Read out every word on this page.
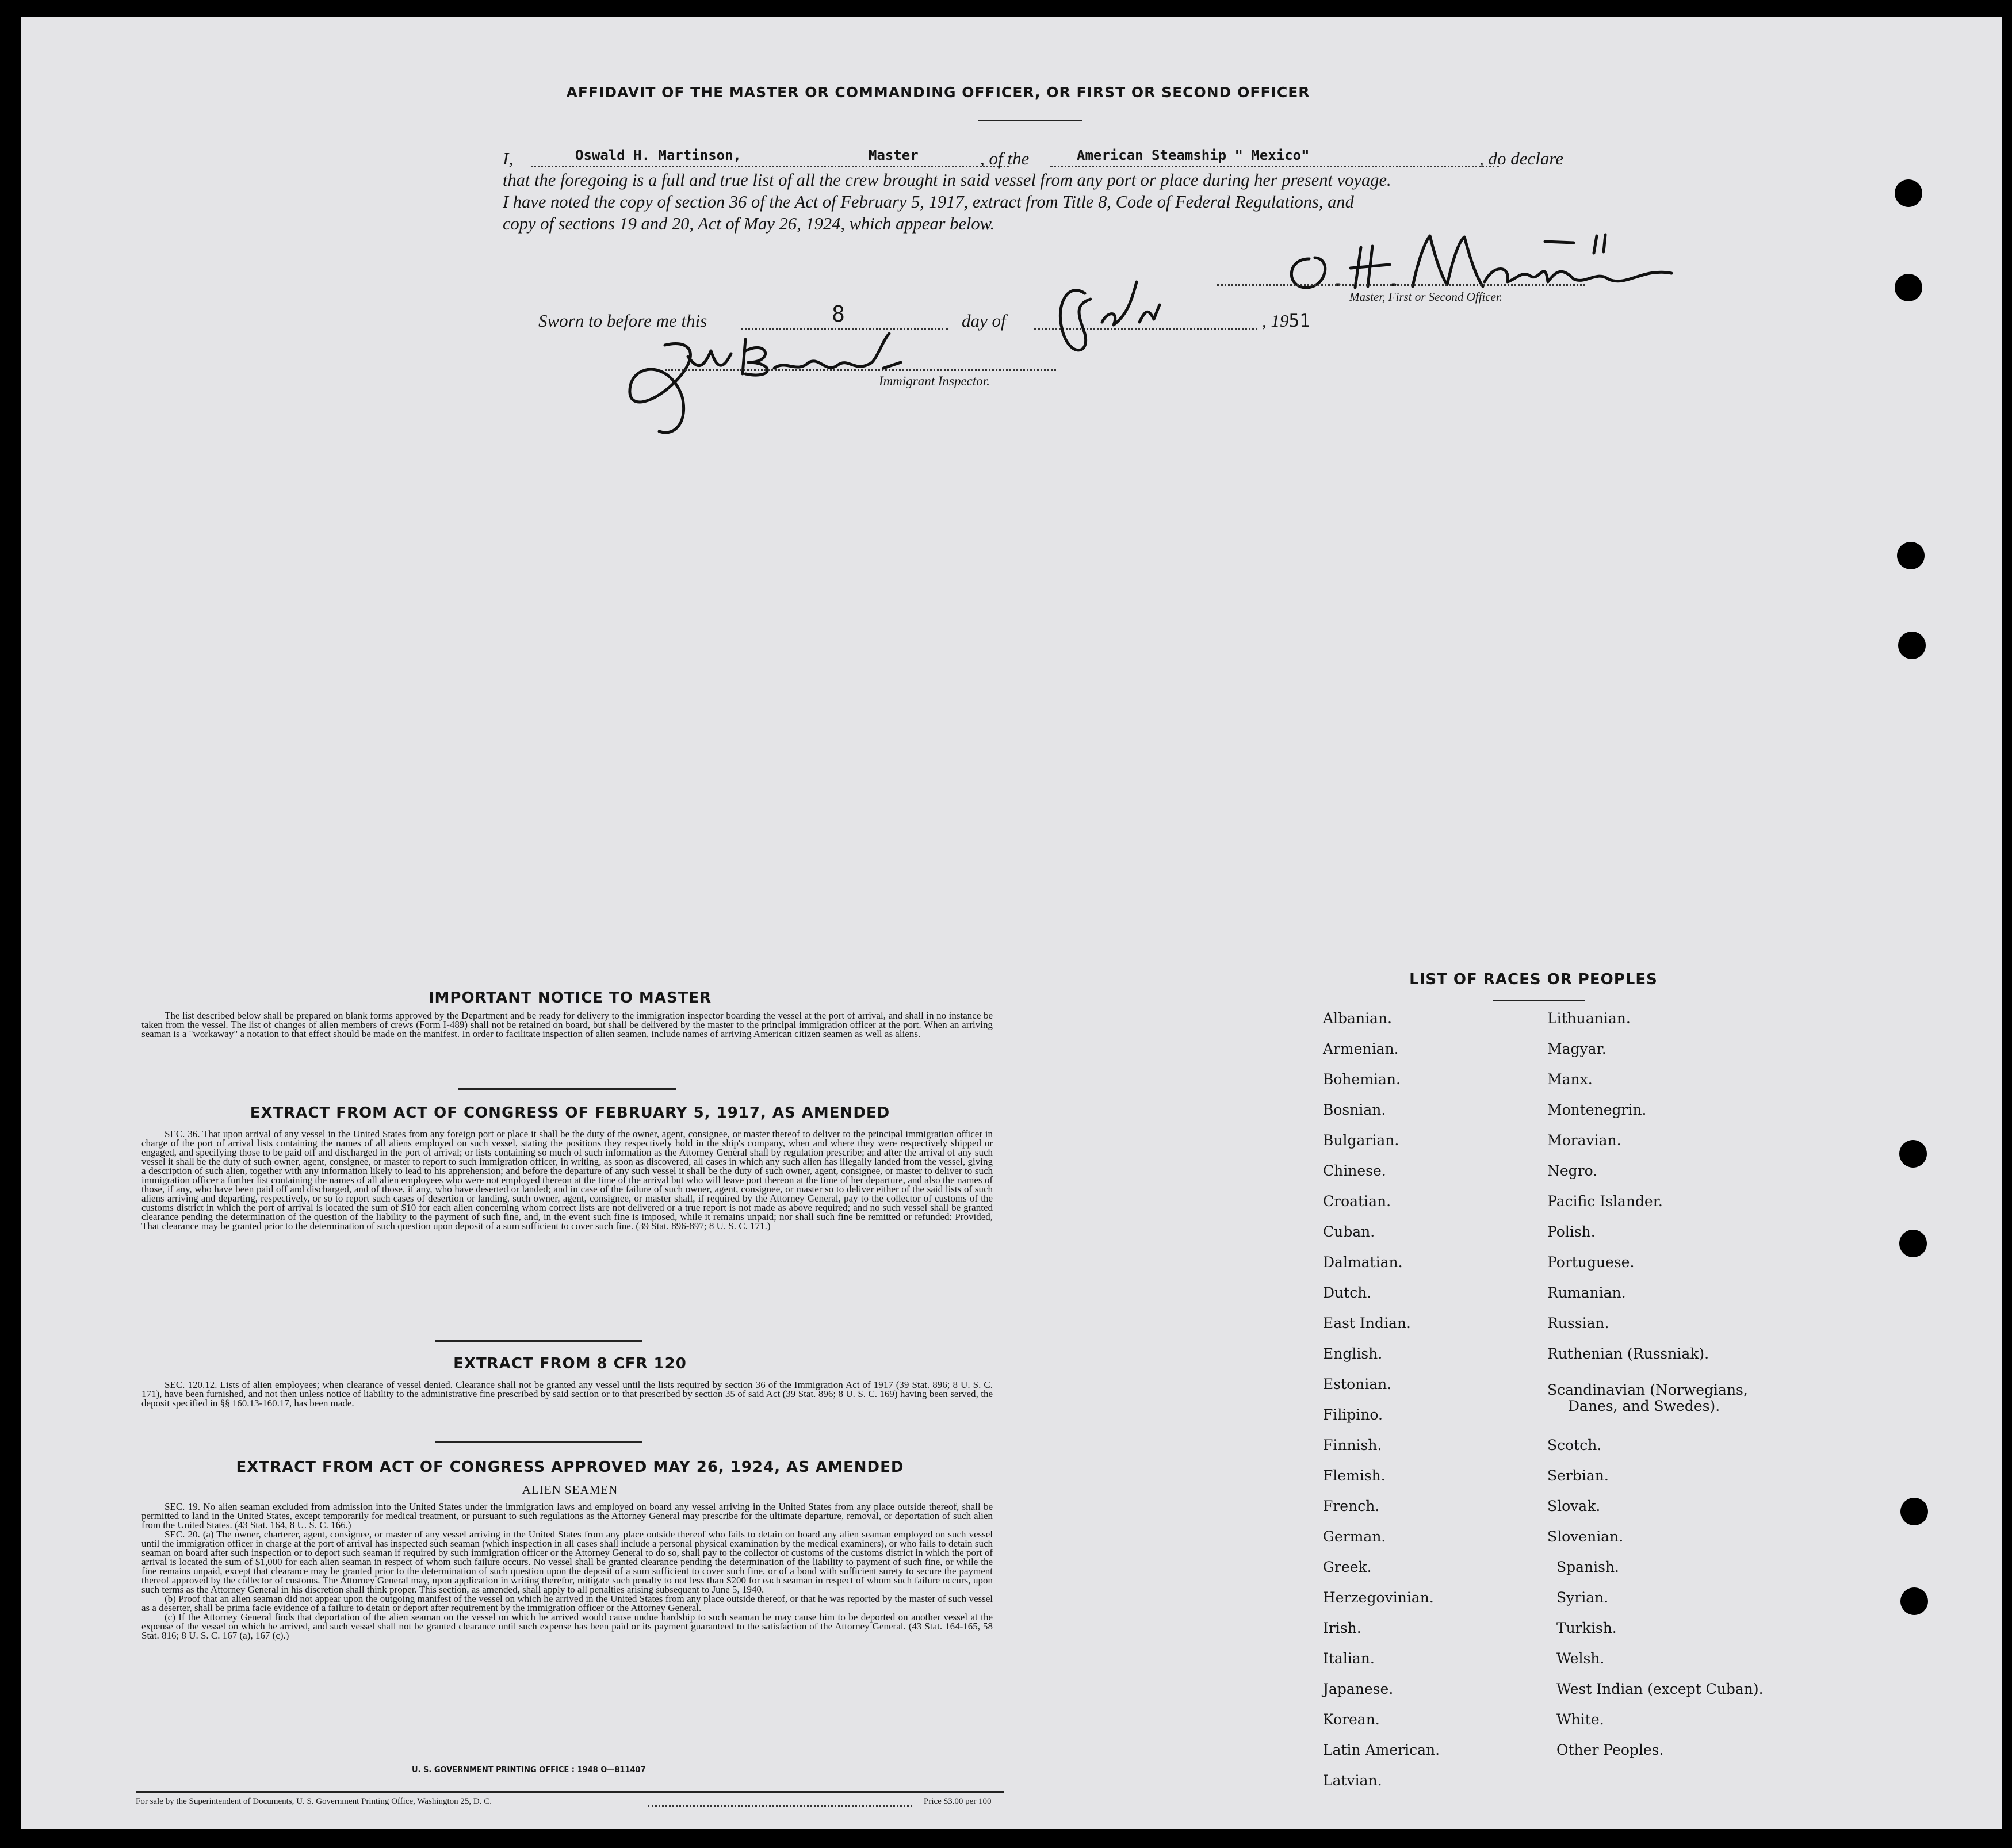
AFFIDAVIT OF THE MASTER OR COMMANDING OFFICER, OR FIRST OR SECOND OFFICER
I,	Oswald H. Martinson,	Master	, of the	American Steamship " Mexico"	, do declare
that the foregoing is a full and true list of all the crew brought in said vessel from any port or place during her present voyage.
I have noted the copy of section 36 of the Act of February 5, 1917, extract from Title 8, Code of Federal Regulations, and
copy of sections 19 and 20, Act of May 26, 1924, which appear below.
Master, First or Second Officer.
Sworn to before me this	8	day of	, 1951
Immigrant Inspector.
IMPORTANT NOTICE TO MASTER

The list described below shall be prepared on blank forms approved by the Department and be ready for delivery to the immigration inspector boarding the vessel at the port of arrival, and shall in no instance be taken from the vessel. The list of changes of alien members of crews (Form I-489) shall not be retained on board, but shall be delivered by the master to the principal immigration officer at the port. When an arriving seaman is a "workaway" a notation to that effect should be made on the manifest. In order to facilitate inspection of alien seamen, include names of arriving American citizen seamen as well as aliens.

EXTRACT FROM ACT OF CONGRESS OF FEBRUARY 5, 1917, AS AMENDED

SEC. 36. That upon arrival of any vessel in the United States from any foreign port or place it shall be the duty of the owner, agent, consignee, or master thereof to deliver to the principal immigration officer in charge of the port of arrival lists containing the names of all aliens employed on such vessel, stating the positions they respectively hold in the ship's company, when and where they were respectively shipped or engaged, and specifying those to be paid off and discharged in the port of arrival; or lists containing so much of such information as the Attorney General shall by regulation prescribe; and after the arrival of any such vessel it shall be the duty of such owner, agent, consignee, or master to report to such immigration officer, in writing, as soon as discovered, all cases in which any such alien has illegally landed from the vessel, giving a description of such alien, together with any information likely to lead to his apprehension; and before the departure of any such vessel it shall be the duty of such owner, agent, consignee, or master to deliver to such immigration officer a further list containing the names of all alien employees who were not employed thereon at the time of the arrival but who will leave port thereon at the time of her departure, and also the names of those, if any, who have been paid off and discharged, and of those, if any, who have deserted or landed; and in case of the failure of such owner, agent, consignee, or master so to deliver either of the said lists of such aliens arriving and departing, respectively, or so to report such cases of desertion or landing, such owner, agent, consignee, or master shall, if required by the Attorney General, pay to the collector of customs of the customs district in which the port of arrival is located the sum of $10 for each alien concerning whom correct lists are not delivered or a true report is not made as above required; and no such vessel shall be granted clearance pending the determination of the question of the liability to the payment of such fine, and, in the event such fine is imposed, while it remains unpaid; nor shall such fine be remitted or refunded: Provided, That clearance may be granted prior to the determination of such question upon deposit of a sum sufficient to cover such fine. (39 Stat. 896-897; 8 U. S. C. 171.)

EXTRACT FROM 8 CFR 120

SEC. 120.12. Lists of alien employees; when clearance of vessel denied. Clearance shall not be granted any vessel until the lists required by section 36 of the Immigration Act of 1917 (39 Stat. 896; 8 U. S. C. 171), have been furnished, and not then unless notice of liability to the administrative fine prescribed by said section or to that prescribed by section 35 of said Act (39 Stat. 896; 8 U. S. C. 169) having been served, the deposit specified in §§ 160.13-160.17, has been made.

EXTRACT FROM ACT OF CONGRESS APPROVED MAY 26, 1924, AS AMENDED
ALIEN SEAMEN

SEC. 19. No alien seaman excluded from admission into the United States under the immigration laws and employed on board any vessel arriving in the United States from any place outside thereof, shall be permitted to land in the United States, except temporarily for medical treatment, or pursuant to such regulations as the Attorney General may prescribe for the ultimate departure, removal, or deportation of such alien from the United States. (43 Stat. 164, 8 U. S. C. 166.)

SEC. 20. (a) The owner, charterer, agent, consignee, or master of any vessel arriving in the United States from any place outside thereof who fails to detain on board any alien seaman employed on such vessel until the immigration officer in charge at the port of arrival has inspected such seaman (which inspection in all cases shall include a personal physical examination by the medical examiners), or who fails to detain such seaman on board after such inspection or to deport such seaman if required by such immigration officer or the Attorney General to do so, shall pay to the collector of customs of the customs district in which the port of arrival is located the sum of $1,000 for each alien seaman in respect of whom such failure occurs. No vessel shall be granted clearance pending the determination of the liability to payment of such fine, or while the fine remains unpaid, except that clearance may be granted prior to the determination of such question upon the deposit of a sum sufficient to cover such fine, or of a bond with sufficient surety to secure the payment thereof approved by the collector of customs. The Attorney General may, upon application in writing therefor, mitigate such penalty to not less than $200 for each seaman in respect of whom such failure occurs, upon such terms as the Attorney General in his discretion shall think proper. This section, as amended, shall apply to all penalties arising subsequent to June 5, 1940.

(b) Proof that an alien seaman did not appear upon the outgoing manifest of the vessel on which he arrived in the United States from any place outside thereof, or that he was reported by the master of such vessel as a deserter, shall be prima facie evidence of a failure to detain or deport after requirement by the immigration officer or the Attorney General.

(c) If the Attorney General finds that deportation of the alien seaman on the vessel on which he arrived would cause undue hardship to such seaman he may cause him to be deported on another vessel at the expense of the vessel on which he arrived, and such vessel shall not be granted clearance until such expense has been paid or its payment guaranteed to the satisfaction of the Attorney General. (43 Stat. 164-165, 58 Stat. 816; 8 U. S. C. 167 (a), 167 (c).)

U. S. GOVERNMENT PRINTING OFFICE : 1948 O—811407
For sale by the Superintendent of Documents, U. S. Government Printing Office, Washington 25, D. C.	Price $3.00 per 100
LIST OF RACES OR PEOPLES
Albanian.
Armenian.
Bohemian.
Bosnian.
Bulgarian.
Chinese.
Croatian.
Cuban.
Dalmatian.
Dutch.
East Indian.
English.
Estonian.
Filipino.
Finnish.
Flemish.
French.
German.
Greek.
Herzegovinian.
Irish.
Italian.
Japanese.
Korean.
Latin American.
Latvian.
Lithuanian.
Magyar.
Manx.
Montenegrin.
Moravian.
Negro.
Pacific Islander.
Polish.
Portuguese.
Rumanian.
Russian.
Ruthenian (Russniak).
Scandinavian (Norwegians,
Danes, and Swedes).
Scotch.
Serbian.
Slovak.
Slovenian.
Spanish.
Syrian.
Turkish.
Welsh.
West Indian (except Cuban).
White.
Other Peoples.
